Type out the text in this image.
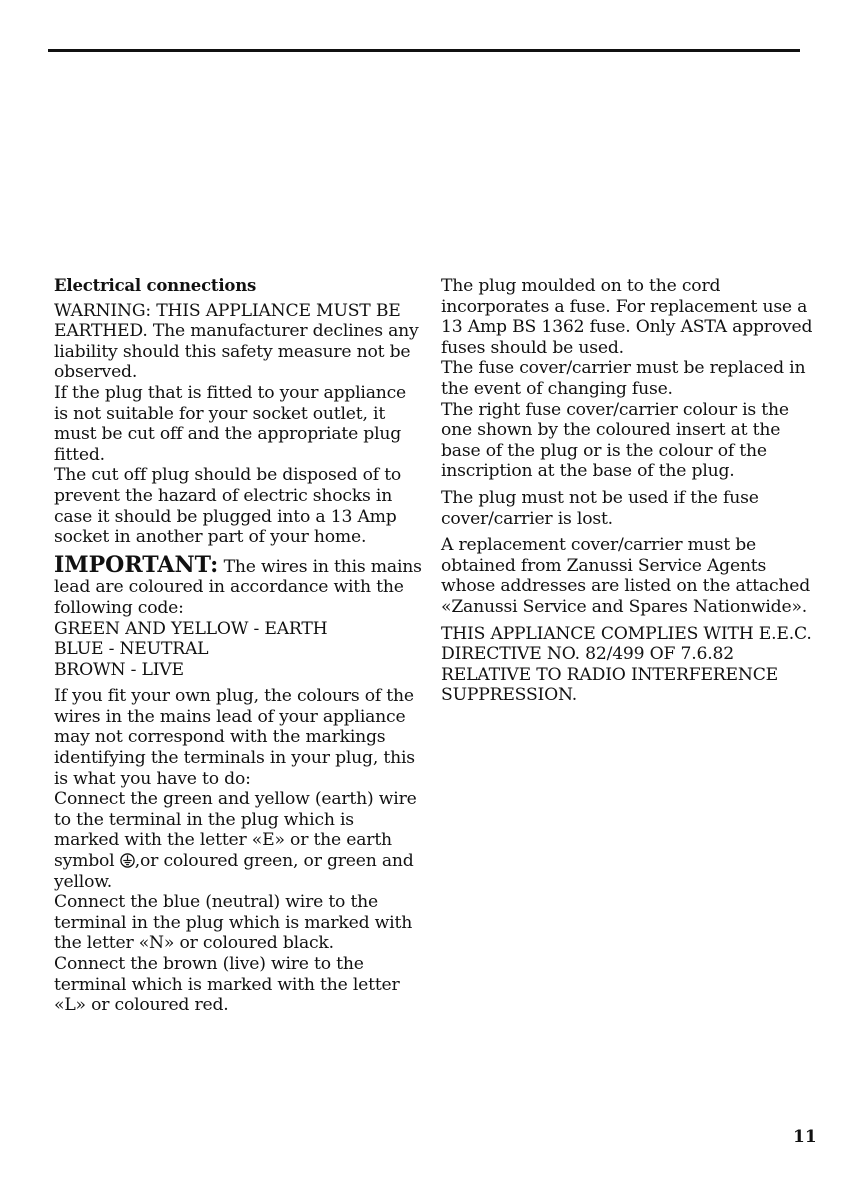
Electrical connections

WARNING: THIS APPLIANCE MUST BE EARTHED. The manufacturer declines any liability should this safety measure not be observed.

If the plug that is fitted to your appliance is not suitable for your socket outlet, it must be cut off and the appropriate plug fitted.

The cut off plug should be disposed of to prevent the hazard of electric shocks in case it should be plugged into a 13 Amp socket in another part of your home.

IMPORTANT: The wires in this mains lead are coloured in accordance with the following code:

GREEN AND YELLOW - EARTH

BLUE - NEUTRAL

BROWN - LIVE

If you fit your own plug, the colours of the wires in the mains lead of your appliance may not correspond with the markings identifying the terminals in your plug, this is what you have to do:

Connect the green and yellow (earth) wire to the terminal in the plug which is marked with the letter «E» or the earth symbol ,or coloured green, or green and yellow.

Connect the blue (neutral) wire to the terminal in the plug which is marked with the letter «N» or coloured black.

Connect the brown (live) wire to the terminal which is marked with the letter «L» or coloured red.

The plug moulded on to the cord incorporates a fuse. For replacement use a 13 Amp BS 1362 fuse. Only ASTA approved fuses should be used.

The fuse cover/carrier must be replaced in the event of changing fuse.

The right fuse cover/carrier colour is the one shown by the coloured insert at the base of the plug or is the colour of the inscription at the base of the plug.

The plug must not be used if the fuse cover/carrier is lost.

A replacement cover/carrier must be obtained from Zanussi Service Agents whose addresses are listed on the attached «Zanussi Service and Spares Nationwide».

THIS APPLIANCE COMPLIES WITH E.E.C. DIRECTIVE NO. 82/499 OF 7.6.82 RELATIVE TO RADIO INTERFERENCE SUPPRESSION.

11
